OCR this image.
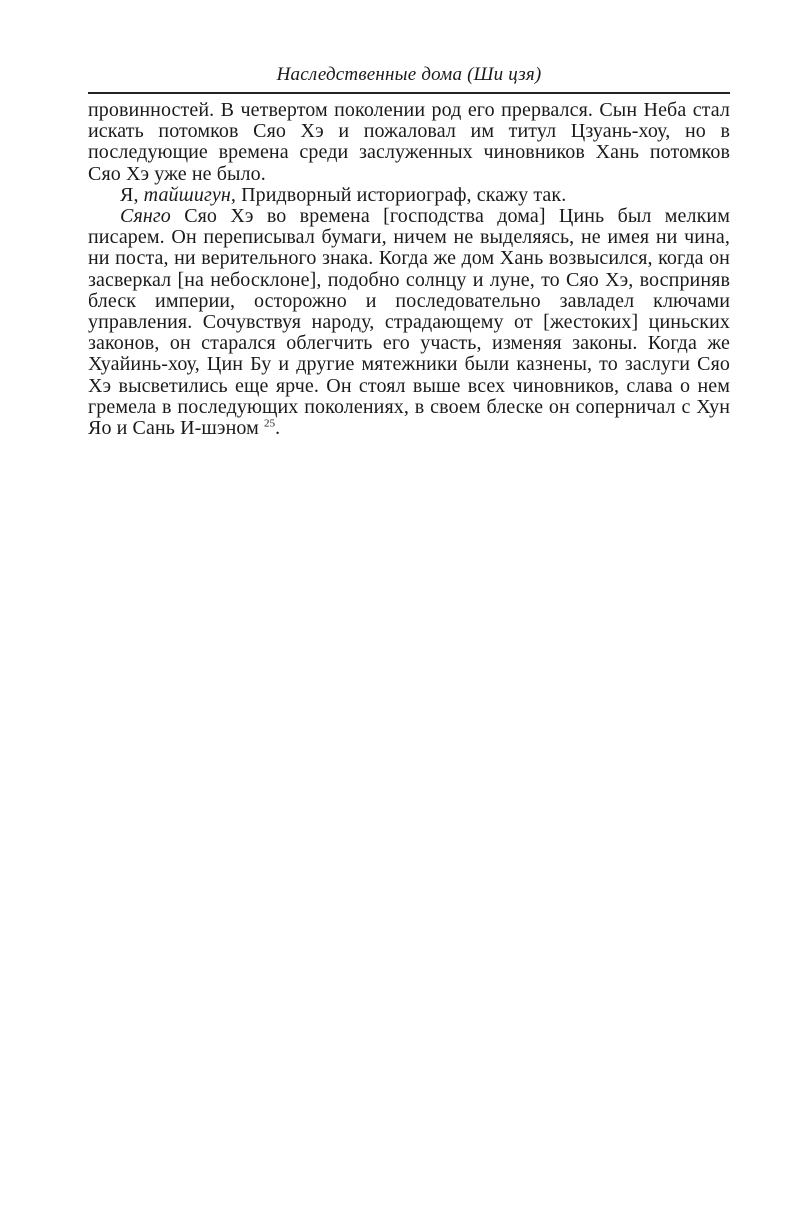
Наследственные дома (Ши цзя)

провинностей. В четвертом поколении род его прервался. Сын Неба стал искать потомков Сяо Хэ и пожаловал им титул Цзуань-хоу, но в последующие времена среди заслуженных чиновников Хань потомков Сяо Хэ уже не было.

Я, тайшигун, Придворный историограф, скажу так.

Сянго Сяо Хэ во времена [господства дома] Цинь был мелким писарем. Он переписывал бумаги, ничем не выделяясь, не имея ни чина, ни поста, ни верительного знака. Когда же дом Хань возвысился, когда он засверкал [на небосклоне], подобно солнцу и луне, то Сяо Хэ, восприняв блеск империи, осторожно и последовательно завладел ключами управления. Сочувствуя народу, страдающему от [жестоких] циньских законов, он старался облегчить его участь, изменяя законы. Когда же Хуайинь-хоу, Цин Бу и другие мятежники были казнены, то заслуги Сяо Хэ высветились еще ярче. Он стоял выше всех чиновников, слава о нем гремела в последующих поколениях, в своем блеске он соперничал с Хун Яо и Сань И-шэном $^{25}$.
